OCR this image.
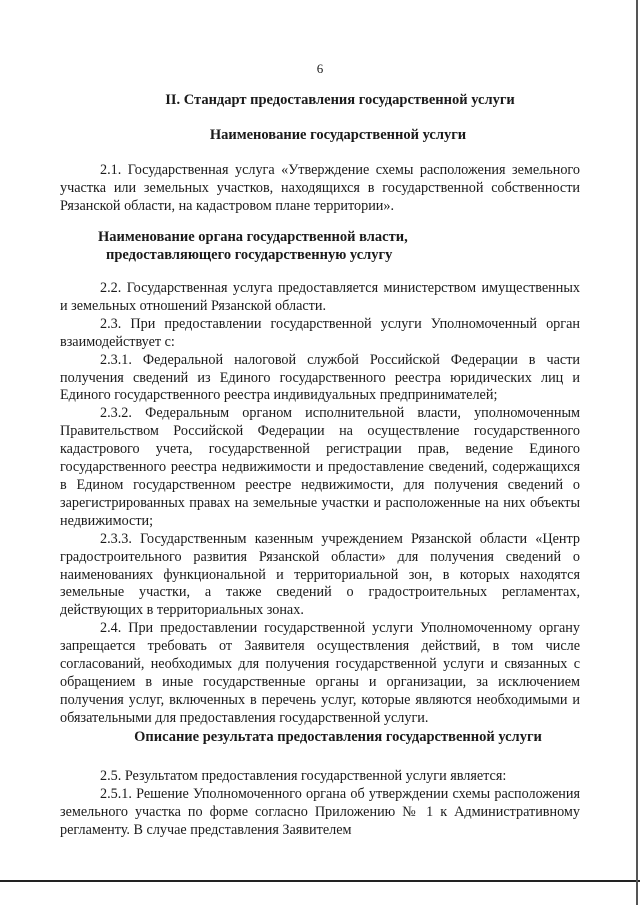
6
II. Стандарт предоставления государственной услуги
Наименование государственной услуги

2.1. Государственная услуга «Утверждение схемы расположения земельного участка или земельных участков, находящихся в государственной собственности Рязанской области, на кадастровом плане территории».

Наименование органа государственной власти,
предоставляющего государственную услугу

2.2. Государственная услуга предоставляется министерством имущественных и земельных отношений Рязанской области.

2.3. При предоставлении государственной услуги Уполномоченный орган взаимодействует с:

2.3.1. Федеральной налоговой службой Российской Федерации в части получения сведений из Единого государственного реестра юридических лиц и Единого государственного реестра индивидуальных предпринимателей;

2.3.2. Федеральным органом исполнительной власти, уполномоченным Правительством Российской Федерации на осуществление государственного кадастрового учета, государственной регистрации прав, ведение Единого государственного реестра недвижимости и предоставление сведений, содержащихся в Едином государственном реестре недвижимости, для получения сведений о зарегистрированных правах на земельные участки и расположенные на них объекты недвижимости;

2.3.3. Государственным казенным учреждением Рязанской области «Центр градостроительного развития Рязанской области» для получения сведений о наименованиях функциональной и территориальной зон, в которых находятся земельные участки, а также сведений о градостроительных регламентах, действующих в территориальных зонах.

2.4. При предоставлении государственной услуги Уполномоченному органу запрещается требовать от Заявителя осуществления действий, в том числе согласований, необходимых для получения государственной услуги и связанных с обращением в иные государственные органы и организации, за исключением получения услуг, включенных в перечень услуг, которые являются необходимыми и обязательными для предоставления государственной услуги.

Описание результата предоставления государственной услуги

2.5. Результатом предоставления государственной услуги является:

2.5.1. Решение Уполномоченного органа об утверждении схемы расположения земельного участка по форме согласно Приложению № 1 к Административному регламенту. В случае представления Заявителем
